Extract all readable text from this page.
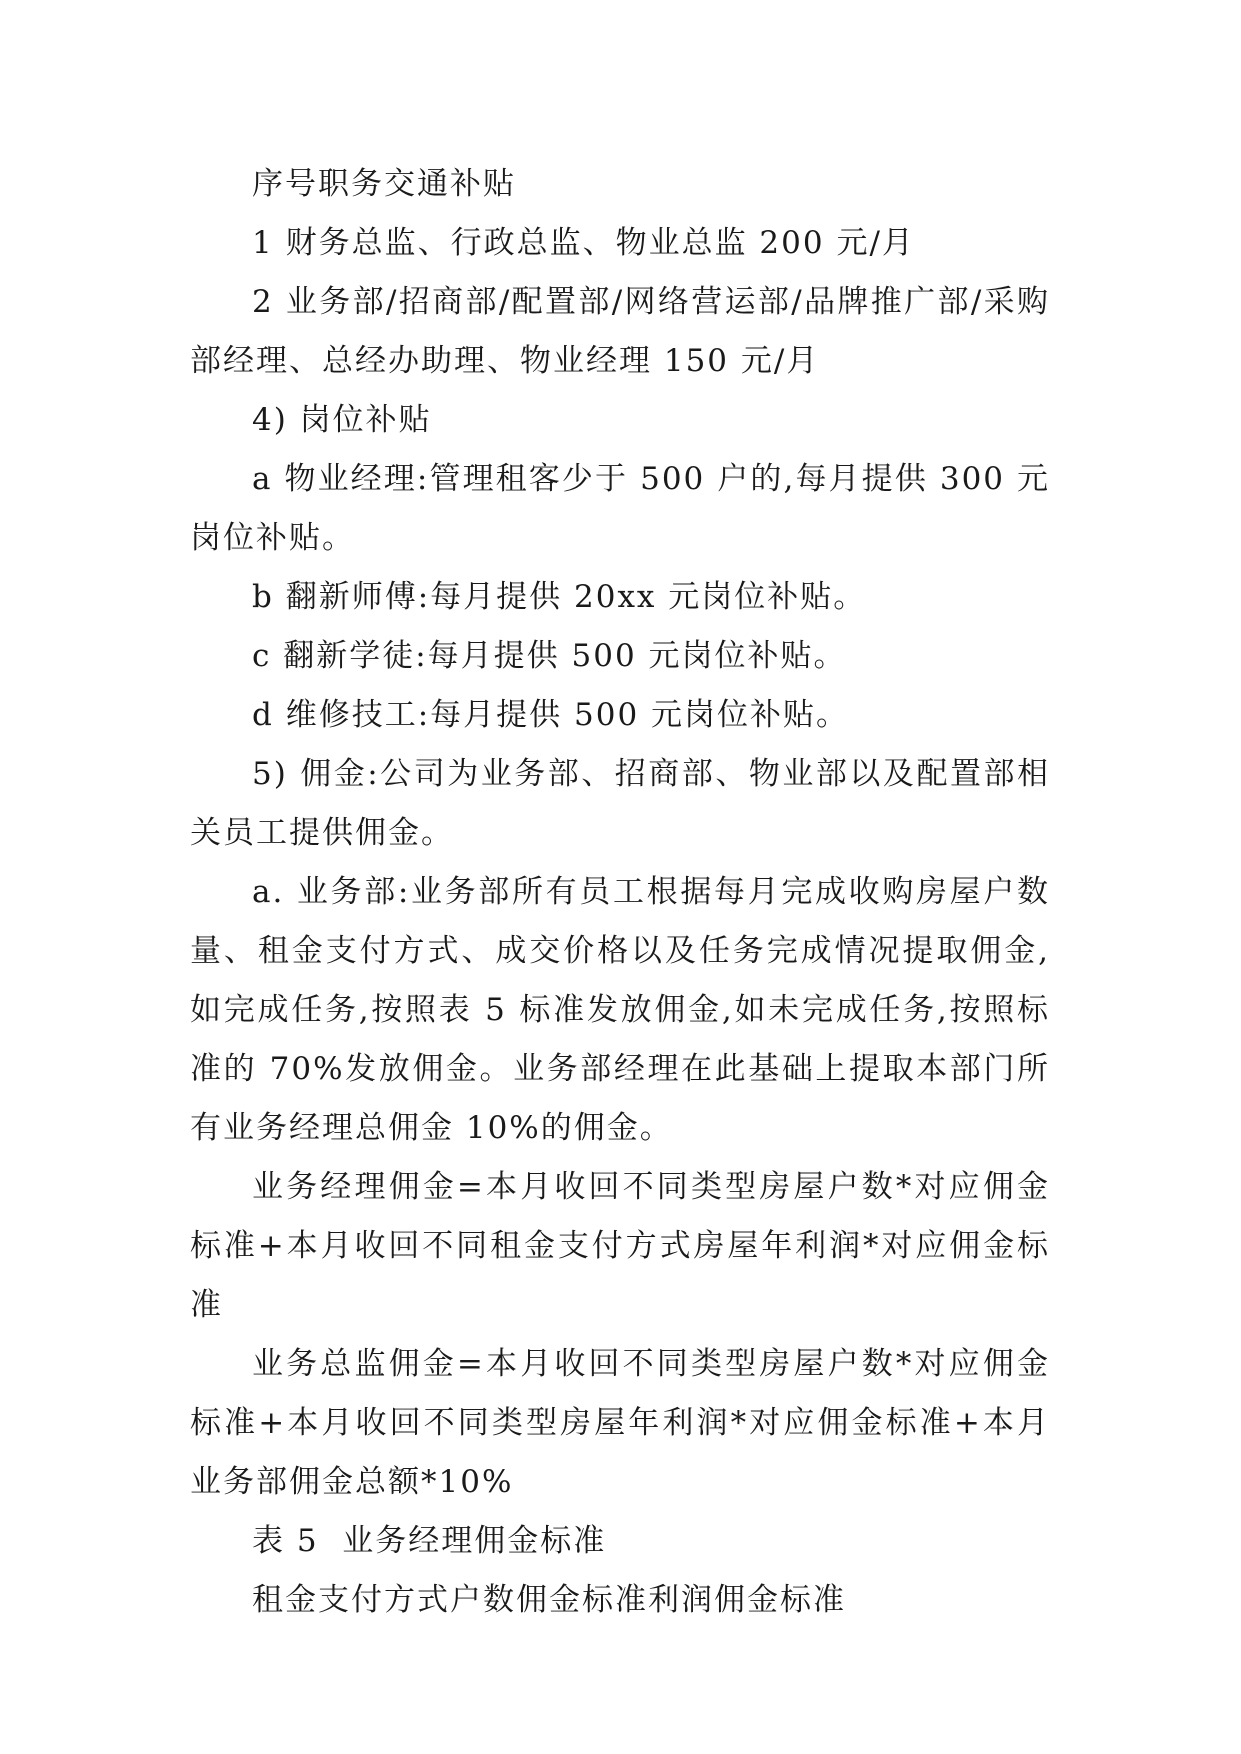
序号职务交通补贴

1 财务总监、行政总监、物业总监 200 元/月

2 业务部/招商部/配置部/网络营运部/品牌推广部/采购部经理、总经办助理、物业经理 150 元/月

4) 岗位补贴

a 物业经理:管理租客少于 500 户的,每月提供 300 元岗位补贴。

b 翻新师傅:每月提供 20xx 元岗位补贴。

c 翻新学徒:每月提供 500 元岗位补贴。

d 维修技工:每月提供 500 元岗位补贴。

5) 佣金:公司为业务部、招商部、物业部以及配置部相关员工提供佣金。

a. 业务部:业务部所有员工根据每月完成收购房屋户数量、租金支付方式、成交价格以及任务完成情况提取佣金,如完成任务,按照表 5 标准发放佣金,如未完成任务,按照标准的 70%发放佣金。业务部经理在此基础上提取本部门所有业务经理总佣金 10%的佣金。

业务经理佣金=本月收回不同类型房屋户数*对应佣金标准+本月收回不同租金支付方式房屋年利润*对应佣金标准

业务总监佣金=本月收回不同类型房屋户数*对应佣金标准+本月收回不同类型房屋年利润*对应佣金标准+本月业务部佣金总额*10%

表 5  业务经理佣金标准

租金支付方式户数佣金标准利润佣金标准
